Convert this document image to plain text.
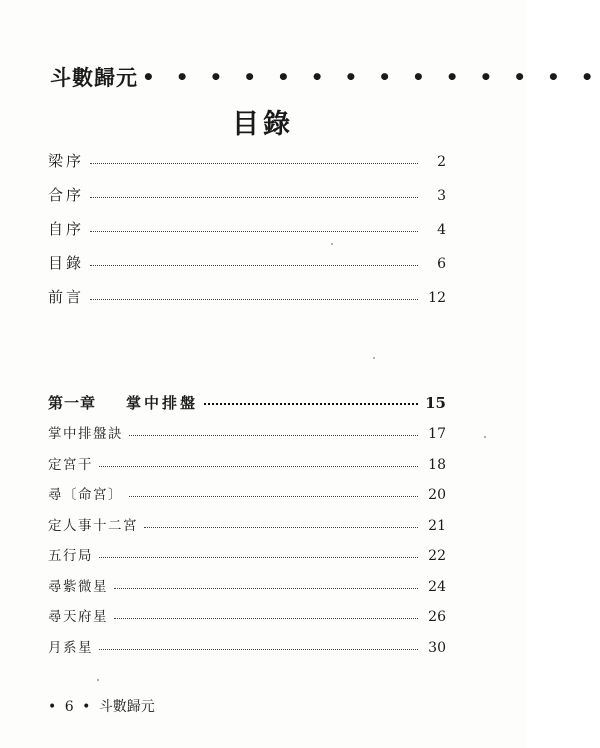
斗數歸元 • • • • • • • • • • • • • •
目錄
梁序	2
合序	3
自序	4
目錄	6
前言	12
第一章 掌中排盤	15
掌中排盤訣	17
定宮干	18
尋〔命宮〕	20
定人事十二宮	21
五行局	22
尋紫微星	24
尋天府星	26
月系星	30
• 6 • 斗數歸元
